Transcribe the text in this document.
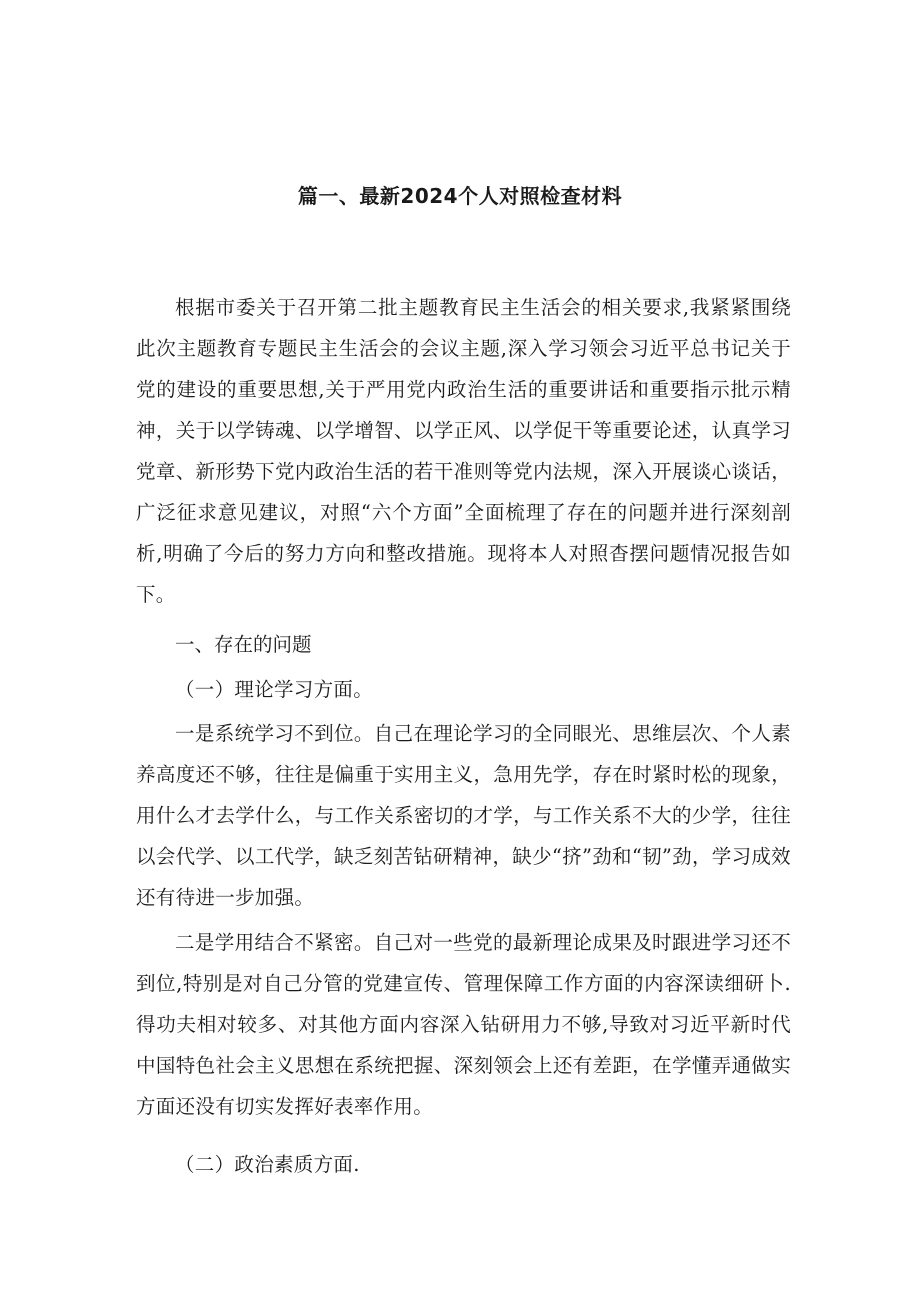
篇一、最新2024个人对照检查材料

根据市委关于召开第二批主题教育民主生活会的相关要求,我紧紧围绕此次主题教育专题民主生活会的会议主题,深入学习领会习近平总书记关于党的建设的重要思想,关于严用党内政治生活的重要讲话和重要指示批示精神，关于以学铸魂、以学增智、以学正风、以学促干等重要论述，认真学习党章、新形势下党内政治生活的若干准则等党内法规，深入开展谈心谈话，广泛征求意见建议，对照“六个方面”全面梳理了存在的问题并进行深刻剖析,明确了今后的努力方向和整改措施。现将本人对照杳摆问题情况报告如下。

一、存在的问题

（一）理论学习方面。

一是系统学习不到位。自己在理论学习的全同眼光、思维层次、个人素养高度还不够，往往是偏重于实用主义，急用先学，存在时紧时松的现象，用什么才去学什么，与工作关系密切的才学，与工作关系不大的少学，往往以会代学、以工代学，缺乏刻苦钻研精神，缺少“挤”劲和“韧”劲，学习成效还有待进一步加强。

二是学用结合不紧密。自己对一些党的最新理论成果及时跟进学习还不到位,特别是对自己分管的党建宣传、管理保障工作方面的内容深读细研卜.得功夫相对较多、对其他方面内容深入钻研用力不够,导致对习近平新时代中国特色社会主义思想在系统把握、深刻领会上还有差距，在学懂弄通做实方面还没有切实发挥好表率作用。

（二）政治素质方面.
